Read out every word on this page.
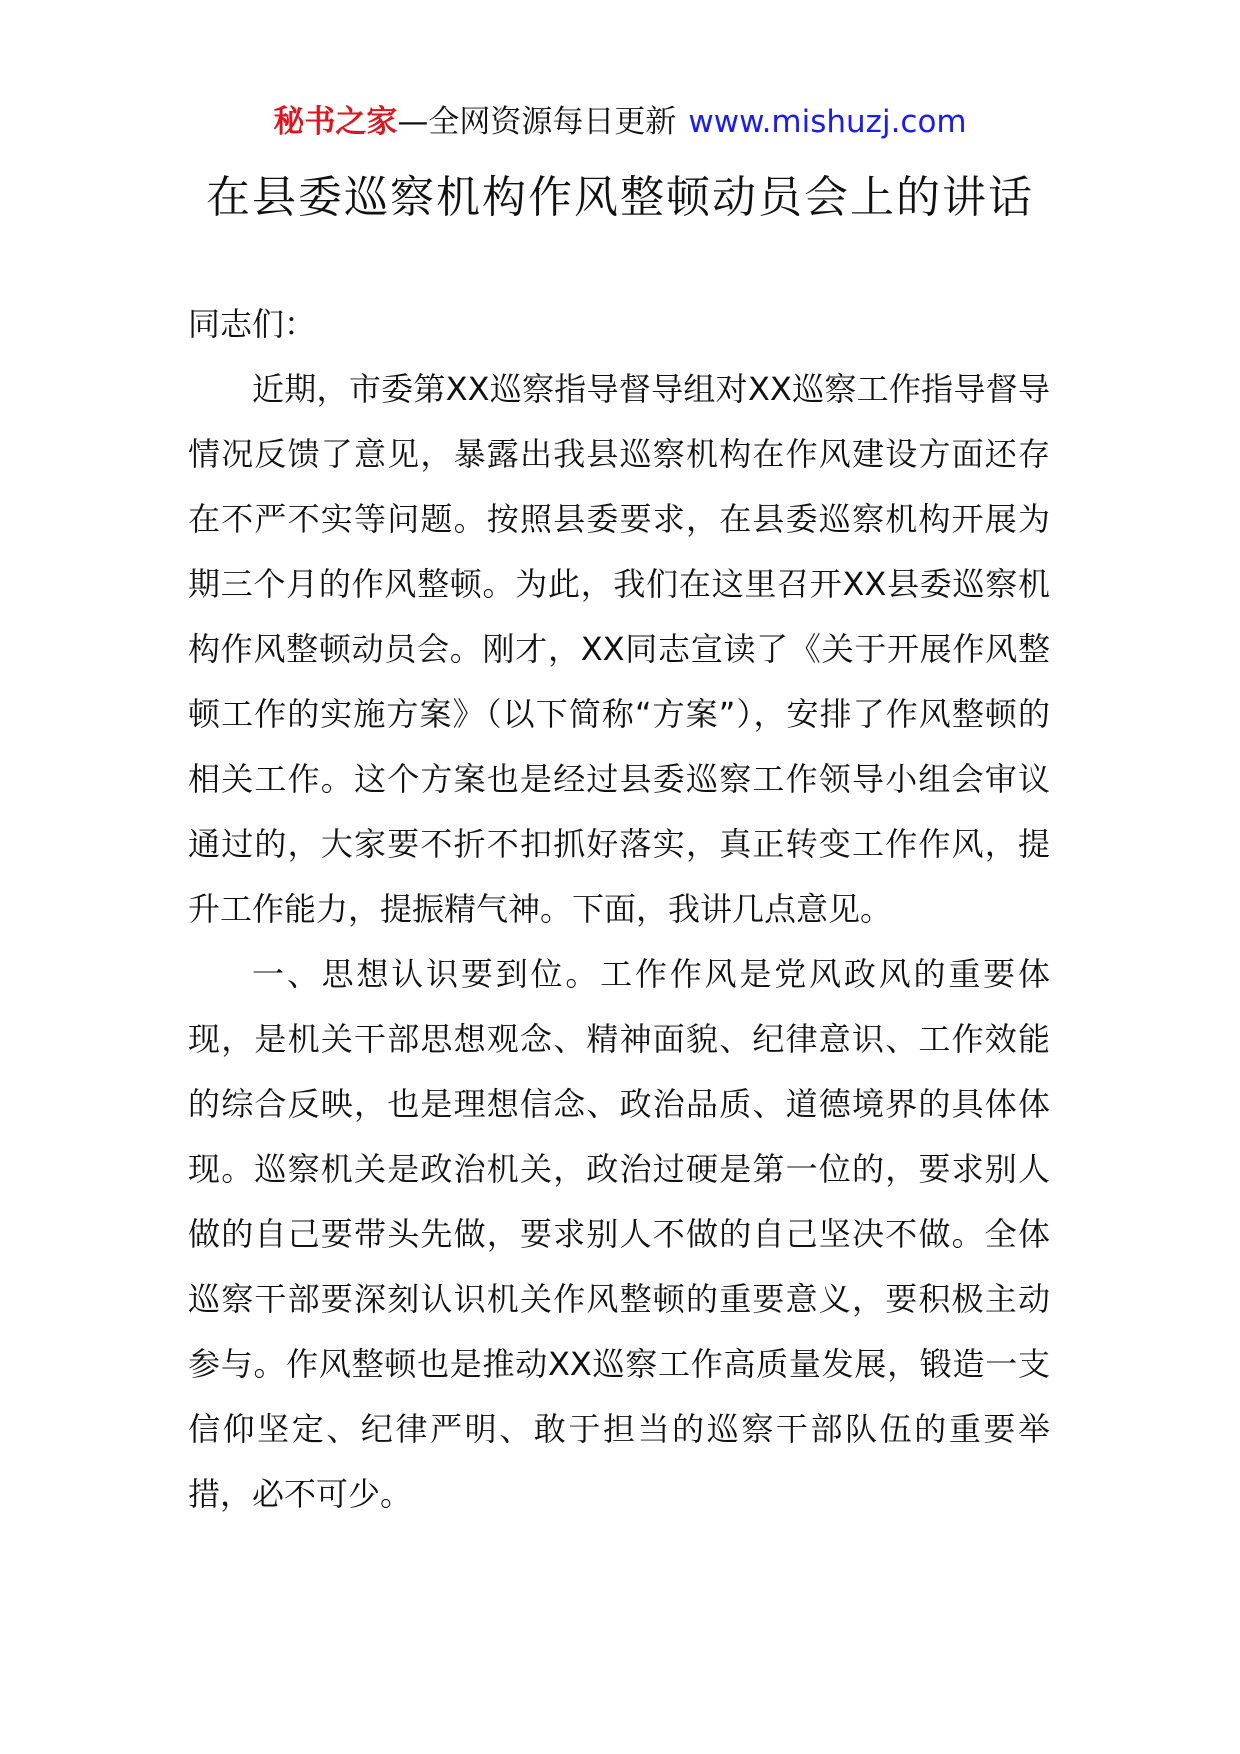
秘书之家—全网资源每日更新 www.mishuzj.com
在县委巡察机构作风整顿动员会上的讲话

同志们：

近期，市委第XX巡察指导督导组对XX巡察工作指导督导情况反馈了意见，暴露出我县巡察机构在作风建设方面还存在不严不实等问题。按照县委要求，在县委巡察机构开展为期三个月的作风整顿。为此，我们在这里召开XX县委巡察机构作风整顿动员会。刚才，XX同志宣读了《关于开展作风整顿工作的实施方案》（以下简称“方案”），安排了作风整顿的相关工作。这个方案也是经过县委巡察工作领导小组会审议通过的，大家要不折不扣抓好落实，真正转变工作作风，提升工作能力，提振精气神。下面，我讲几点意见。

一、思想认识要到位。工作作风是党风政风的重要体现，是机关干部思想观念、精神面貌、纪律意识、工作效能的综合反映，也是理想信念、政治品质、道德境界的具体体现。巡察机关是政治机关，政治过硬是第一位的，要求别人做的自己要带头先做，要求别人不做的自己坚决不做。全体巡察干部要深刻认识机关作风整顿的重要意义，要积极主动参与。作风整顿也是推动XX巡察工作高质量发展，锻造一支信仰坚定、纪律严明、敢于担当的巡察干部队伍的重要举措，必不可少。
